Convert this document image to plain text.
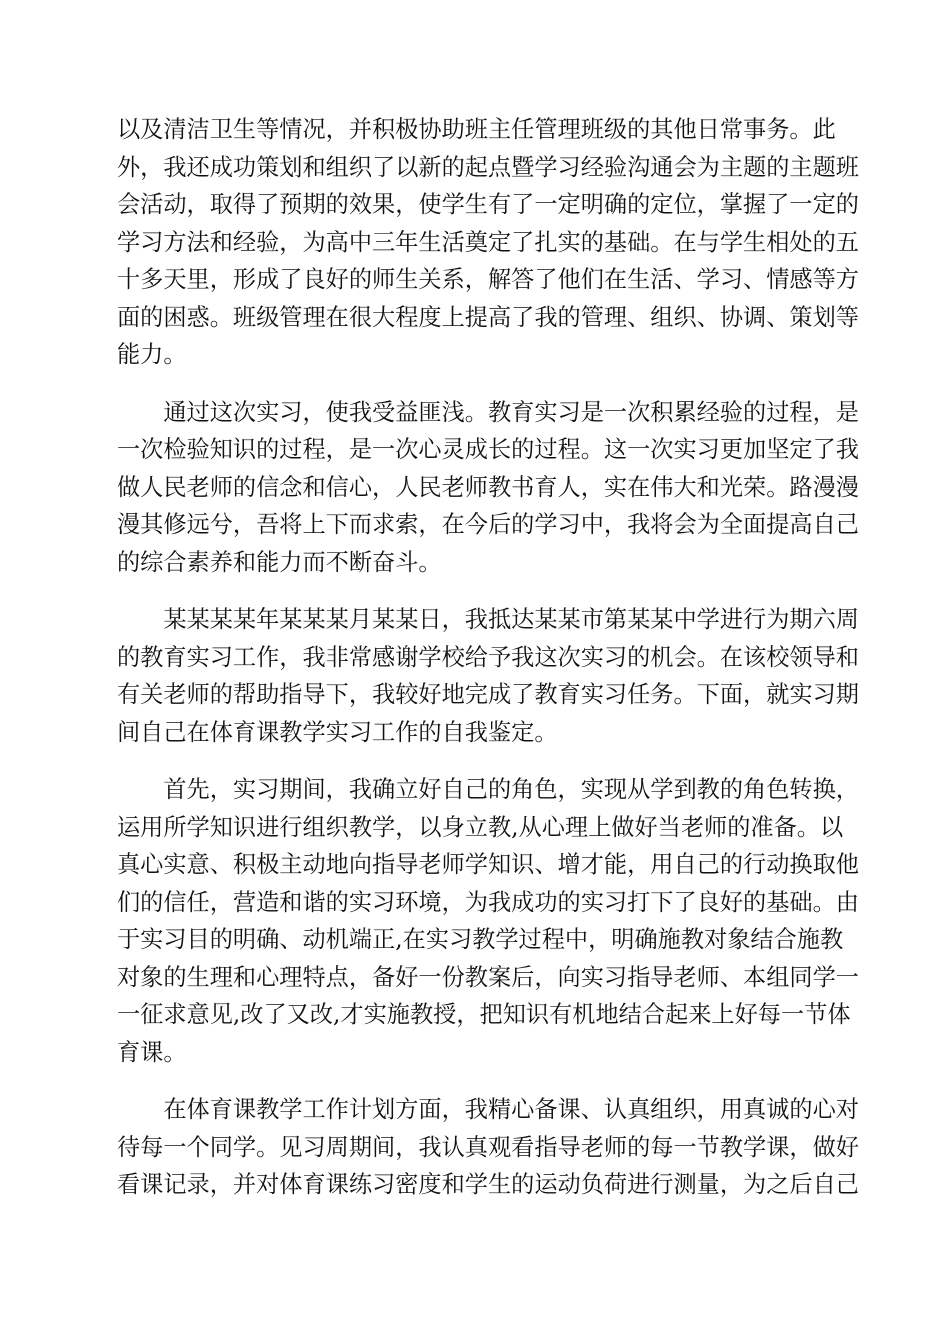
以及清洁卫生等情况，并积极协助班主任管理班级的其他日常事务。此
外，我还成功策划和组织了以新的起点暨学习经验沟通会为主题的主题班
会活动，取得了预期的效果，使学生有了一定明确的定位，掌握了一定的
学习方法和经验，为高中三年生活奠定了扎实的基础。在与学生相处的五
十多天里，形成了良好的师生关系，解答了他们在生活、学习、情感等方
面的困惑。班级管理在很大程度上提高了我的管理、组织、协调、策划等
能力。
　　通过这次实习，使我受益匪浅。教育实习是一次积累经验的过程，是
一次检验知识的过程，是一次心灵成长的过程。这一次实习更加坚定了我
做人民老师的信念和信心，人民老师教书育人，实在伟大和光荣。路漫漫
漫其修远兮，吾将上下而求索，在今后的学习中，我将会为全面提高自己
的综合素养和能力而不断奋斗。
　　某某某某年某某某月某某日，我抵达某某市第某某中学进行为期六周
的教育实习工作，我非常感谢学校给予我这次实习的机会。在该校领导和
有关老师的帮助指导下，我较好地完成了教育实习任务。下面，就实习期
间自己在体育课教学实习工作的自我鉴定。
　　首先，实习期间，我确立好自己的角色，实现从学到教的角色转换，
运用所学知识进行组织教学，以身立教,从心理上做好当老师的准备。以
真心实意、积极主动地向指导老师学知识、增才能，用自己的行动换取他
们的信任，营造和谐的实习环境，为我成功的实习打下了良好的基础。由
于实习目的明确、动机端正,在实习教学过程中，明确施教对象结合施教
对象的生理和心理特点，备好一份教案后，向实习指导老师、本组同学一
一征求意见,改了又改,才实施教授，把知识有机地结合起来上好每一节体
育课。
　　在体育课教学工作计划方面，我精心备课、认真组织，用真诚的心对
待每一个同学。见习周期间，我认真观看指导老师的每一节教学课，做好
看课记录，并对体育课练习密度和学生的运动负荷进行测量，为之后自己
